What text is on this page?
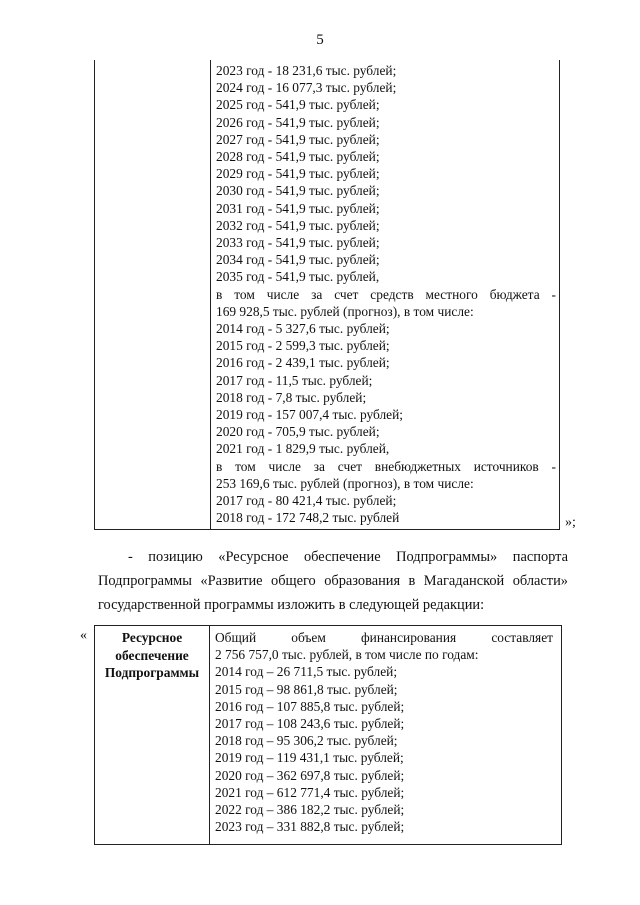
5
2023 год - 18 231,6 тыс. рублей;
2024 год - 16 077,3 тыс. рублей;
2025 год - 541,9 тыс. рублей;
2026 год - 541,9 тыс. рублей;
2027 год - 541,9 тыс. рублей;
2028 год - 541,9 тыс. рублей;
2029 год - 541,9 тыс. рублей;
2030 год - 541,9 тыс. рублей;
2031 год - 541,9 тыс. рублей;
2032 год - 541,9 тыс. рублей;
2033 год - 541,9 тыс. рублей;
2034 год - 541,9 тыс. рублей;
2035 год - 541,9 тыс. рублей,
в том числе за счет средств местного бюджета -
169 928,5 тыс. рублей (прогноз), в том числе:
2014 год - 5 327,6 тыс. рублей;
2015 год - 2 599,3 тыс. рублей;
2016 год - 2 439,1 тыс. рублей;
2017 год - 11,5 тыс. рублей;
2018 год - 7,8 тыс. рублей;
2019 год - 157 007,4 тыс. рублей;
2020 год - 705,9 тыс. рублей;
2021 год - 1 829,9 тыс. рублей,
в том числе за счет внебюджетных источников -
253 169,6 тыс. рублей (прогноз), в том числе:
2017 год - 80 421,4 тыс. рублей;
2018 год - 172 748,2 тыс. рублей	»;
- позицию «Ресурсное обеспечение Подпрограммы» паспорта
Подпрограммы «Развитие общего образования в Магаданской области»
государственной программы изложить в следующей редакции:
«	Ресурсное
обеспечение
Подпрограммы
Общий объем финансирования составляет
2 756 757,0 тыс. рублей, в том числе по годам:
2014 год – 26 711,5 тыс. рублей;
2015 год – 98 861,8 тыс. рублей;
2016 год – 107 885,8 тыс. рублей;
2017 год – 108 243,6 тыс. рублей;
2018 год – 95 306,2 тыс. рублей;
2019 год – 119 431,1 тыс. рублей;
2020 год – 362 697,8 тыс. рублей;
2021 год – 612 771,4 тыс. рублей;
2022 год – 386 182,2 тыс. рублей;
2023 год – 331 882,8 тыс. рублей;
